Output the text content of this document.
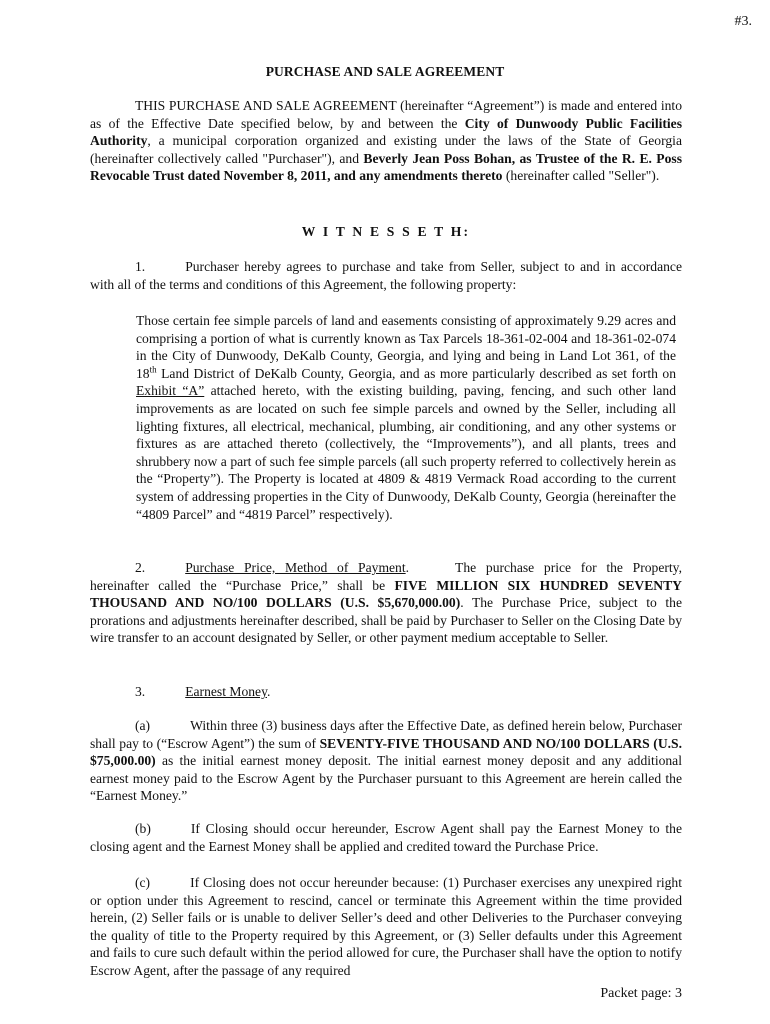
#3.
PURCHASE AND SALE AGREEMENT

THIS PURCHASE AND SALE AGREEMENT (hereinafter “Agreement”) is made and entered into as of the Effective Date specified below, by and between the City of Dunwoody Public Facilities Authority, a municipal corporation organized and existing under the laws of the State of Georgia (hereinafter collectively called "Purchaser"), and Beverly Jean Poss Bohan, as Trustee of the R. E. Poss Revocable Trust dated November 8, 2011, and any amendments thereto (hereinafter called "Seller").

W I T N E S S E T H:

1.	Purchaser hereby agrees to purchase and take from Seller, subject to and in accordance with all of the terms and conditions of this Agreement, the following property:

Those certain fee simple parcels of land and easements consisting of approximately 9.29 acres and comprising a portion of what is currently known as Tax Parcels 18-361-02-004 and 18-361-02-074 in the City of Dunwoody, DeKalb County, Georgia, and lying and being in Land Lot 361, of the 18th Land District of DeKalb County, Georgia, and as more particularly described as set forth on Exhibit “A” attached hereto, with the existing building, paving, fencing, and such other land improvements as are located on such fee simple parcels and owned by the Seller, including all lighting fixtures, all electrical, mechanical, plumbing, air conditioning, and any other systems or fixtures as are attached thereto (collectively, the “Improvements”), and all plants, trees and shrubbery now a part of such fee simple parcels (all such property referred to collectively herein as the “Property”). The Property is located at 4809 & 4819 Vermack Road according to the current system of addressing properties in the City of Dunwoody, DeKalb County, Georgia (hereinafter the “4809 Parcel” and “4819 Parcel” respectively).

2.	Purchase Price, Method of Payment.	The purchase price for the Property, hereinafter called the “Purchase Price,” shall be FIVE MILLION SIX HUNDRED SEVENTY THOUSAND AND NO/100 DOLLARS (U.S. $5,670,000.00). The Purchase Price, subject to the prorations and adjustments hereinafter described, shall be paid by Purchaser to Seller on the Closing Date by wire transfer to an account designated by Seller, or other payment medium acceptable to Seller.

3.	Earnest Money.

(a)	Within three (3) business days after the Effective Date, as defined herein below, Purchaser shall pay to (“Escrow Agent”) the sum of SEVENTY-FIVE THOUSAND AND NO/100 DOLLARS (U.S. $75,000.00) as the initial earnest money deposit. The initial earnest money deposit and any additional earnest money paid to the Escrow Agent by the Purchaser pursuant to this Agreement are herein called the “Earnest Money.”

(b)	If Closing should occur hereunder, Escrow Agent shall pay the Earnest Money to the closing agent and the Earnest Money shall be applied and credited toward the Purchase Price.

(c)	If Closing does not occur hereunder because: (1) Purchaser exercises any unexpired right or option under this Agreement to rescind, cancel or terminate this Agreement within the time provided herein, (2) Seller fails or is unable to deliver Seller’s deed and other Deliveries to the Purchaser conveying the quality of title to the Property required by this Agreement, or (3) Seller defaults under this Agreement and fails to cure such default within the period allowed for cure, the Purchaser shall have the option to notify Escrow Agent, after the passage of any required

Packet page: 3
